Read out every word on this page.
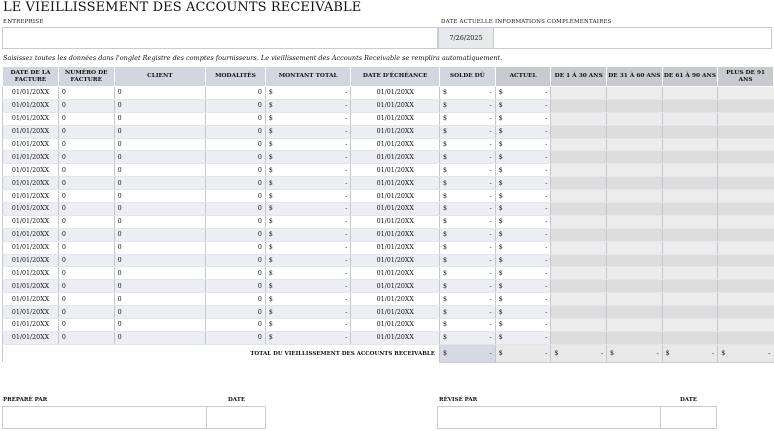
LE VIEILLISSEMENT DES ACCOUNTS RECEIVABLE
ENTREPRISE	DATE ACTUELLE INFORMATIONS COMPLÉMENTAIRES
7/26/2025
Saisissez toutes les données dans l'onglet Registre des comptes fournisseurs. Le vieillissement des Accounts Receivable se remplira automatiquement.
DATE DE LA FACTURE	NUMÉRO DE FACTURE	CLIENT	MODALITÉS	MONTANT TOTAL	DATE D'ÉCHÉANCE	SOLDE DÛ	ACTUEL	DE 1 À 30 ANS	DE 31 À 60 ANS	DE 61 À 90 ANS	PLUS DE 91 ANS
01/01/20XX	0	0	0	$ -	01/01/20XX	$ -	$ -				

01/01/20XX	0	0	0	$ -	01/01/20XX	$ -	$ -				

01/01/20XX	0	0	0	$ -	01/01/20XX	$ -	$ -				

01/01/20XX	0	0	0	$ -	01/01/20XX	$ -	$ -				

01/01/20XX	0	0	0	$ -	01/01/20XX	$ -	$ -				

01/01/20XX	0	0	0	$ -	01/01/20XX	$ -	$ -				

01/01/20XX	0	0	0	$ -	01/01/20XX	$ -	$ -				

01/01/20XX	0	0	0	$ -	01/01/20XX	$ -	$ -				

01/01/20XX	0	0	0	$ -	01/01/20XX	$ -	$ -				

01/01/20XX	0	0	0	$ -	01/01/20XX	$ -	$ -				

01/01/20XX	0	0	0	$ -	01/01/20XX	$ -	$ -				

01/01/20XX	0	0	0	$ -	01/01/20XX	$ -	$ -				

01/01/20XX	0	0	0	$ -	01/01/20XX	$ -	$ -				

01/01/20XX	0	0	0	$ -	01/01/20XX	$ -	$ -				

01/01/20XX	0	0	0	$ -	01/01/20XX	$ -	$ -				

01/01/20XX	0	0	0	$ -	01/01/20XX	$ -	$ -				

01/01/20XX	0	0	0	$ -	01/01/20XX	$ -	$ -				

01/01/20XX	0	0	0	$ -	01/01/20XX	$ -	$ -				

01/01/20XX	0	0	0	$ -	01/01/20XX	$ -	$ -				

01/01/20XX	0	0	0	$ -	01/01/20XX	$ -	$ -				

TOTAL DU VIEILLISSEMENT DES ACCOUNTS RECEIVABLE						$ -	$ -	$ -	$ -	$ -	$ -
PRÉPARÉ PAR	DATE	RÉVISÉ PAR	DATE
